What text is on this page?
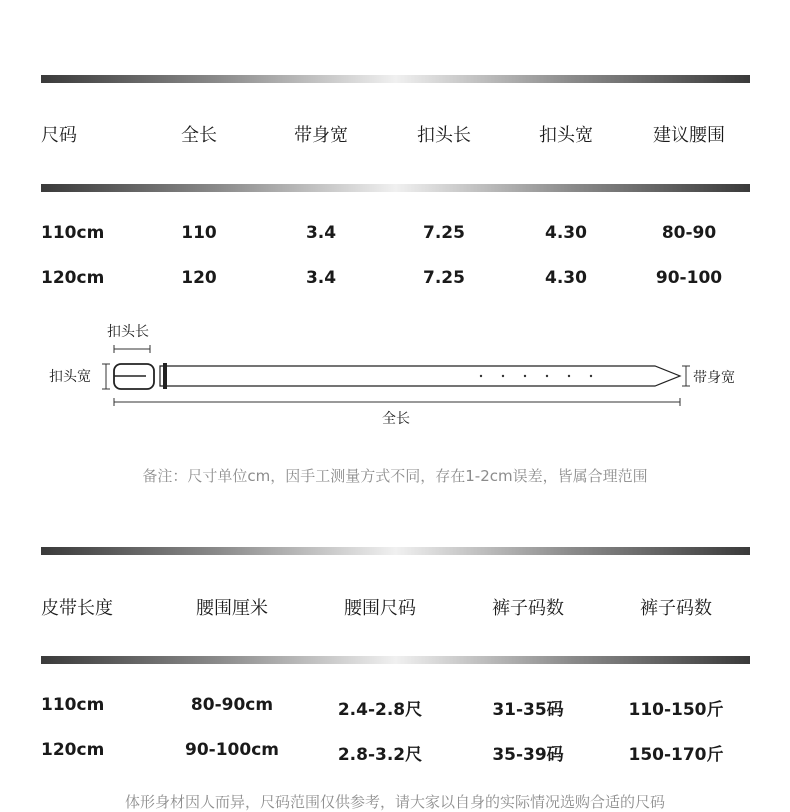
尺码	全长	带身宽	扣头长	扣头宽	建议腰围
110cm	110	3.4	7.25	4.30	80-90
120cm	120	3.4	7.25	4.30	90-100
扣头长
扣头宽	带身宽
全长
备注：尺寸单位cm，因手工测量方式不同，存在1-2cm误差，皆属合理范围
皮带长度	腰围厘米	腰围尺码	裤子码数	裤子码数
110cm	80-90cm	2.4-2.8尺	31-35码	110-150斤
120cm	90-100cm	2.8-3.2尺	35-39码	150-170斤
体形身材因人而异，尺码范围仅供参考，请大家以自身的实际情况选购合适的尺码
